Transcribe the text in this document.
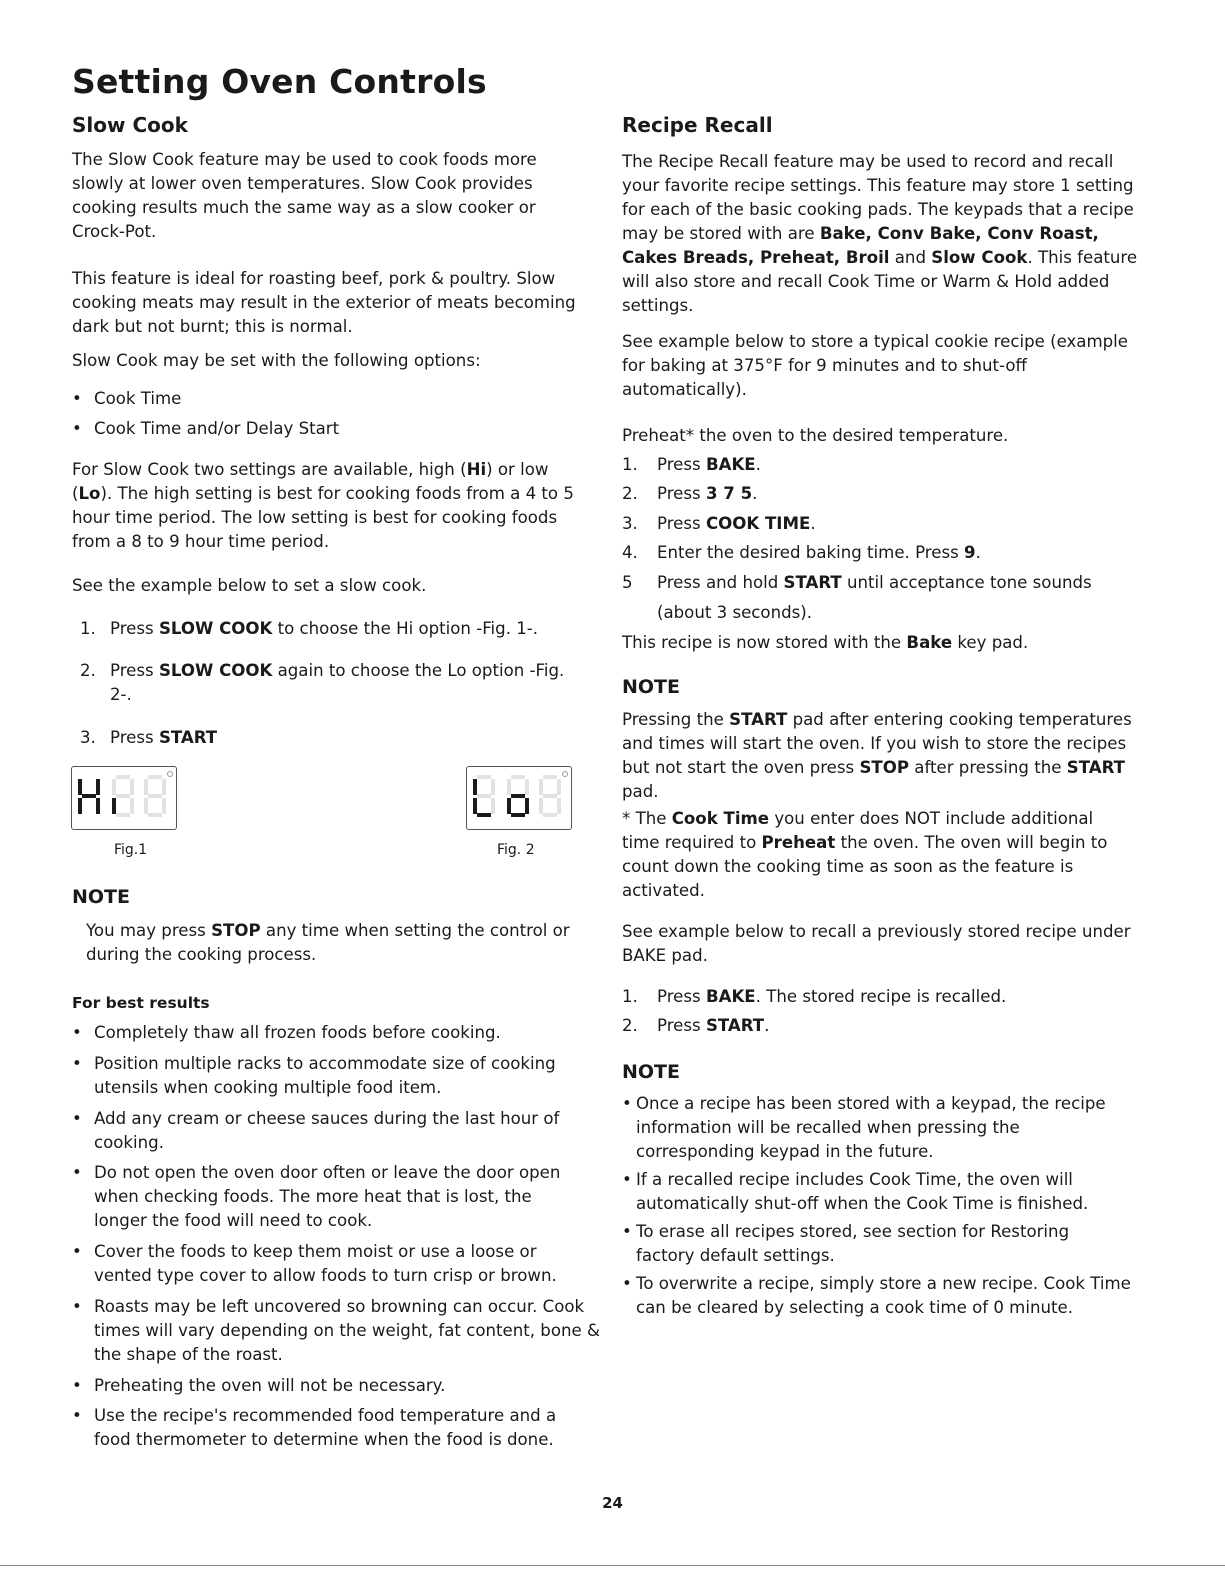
Setting Oven Controls
Slow Cook
The Slow Cook feature may be used to cook foods more slowly at lower oven temperatures. Slow Cook provides cooking results much the same way as a slow cooker or Crock-Pot.
This feature is ideal for roasting beef, pork & poultry. Slow cooking meats may result in the exterior of meats becoming dark but not burnt; this is normal.
Slow Cook may be set with the following options:
• Cook Time
• Cook Time and/or Delay Start
For Slow Cook two settings are available, high (Hi) or low (Lo). The high setting is best for cooking foods from a 4 to 5 hour time period. The low setting is best for cooking foods from a 8 to 9 hour time period.
See the example below to set a slow cook.
1. Press SLOW COOK to choose the Hi option -Fig. 1-.
2. Press SLOW COOK again to choose the Lo option -Fig. 2-.
3. Press START
Fig.1	Fig. 2
NOTE
You may press STOP any time when setting the control or during the cooking process.
For best results
• Completely thaw all frozen foods before cooking.
• Position multiple racks to accommodate size of cooking utensils when cooking multiple food item.
• Add any cream or cheese sauces during the last hour of cooking.
• Do not open the oven door often or leave the door open when checking foods. The more heat that is lost, the longer the food will need to cook.
• Cover the foods to keep them moist or use a loose or vented type cover to allow foods to turn crisp or brown.
• Roasts may be left uncovered so browning can occur. Cook times will vary depending on the weight, fat content, bone & the shape of the roast.
• Preheating the oven will not be necessary.
• Use the recipe's recommended food temperature and a food thermometer to determine when the food is done.
Recipe Recall
The Recipe Recall feature may be used to record and recall your favorite recipe settings. This feature may store 1 setting for each of the basic cooking pads. The keypads that a recipe may be stored with are Bake, Conv Bake, Conv Roast, Cakes Breads, Preheat, Broil and Slow Cook. This feature will also store and recall Cook Time or Warm & Hold added settings.
See example below to store a typical cookie recipe (example for baking at 375°F for 9 minutes and to shut-off automatically).
Preheat* the oven to the desired temperature.
1.	Press BAKE.
2.	Press 3 7 5.
3.	Press COOK TIME.
4.	Enter the desired baking time. Press 9.
5	Press and hold START until acceptance tone sounds
(about 3 seconds).
This recipe is now stored with the Bake key pad.
NOTE
Pressing the START pad after entering cooking temperatures and times will start the oven. If you wish to store the recipes but not start the oven press STOP after pressing the START pad.
* The Cook Time you enter does NOT include additional time required to Preheat the oven. The oven will begin to count down the cooking time as soon as the feature is activated.
See example below to recall a previously stored recipe under BAKE pad.
1.	Press BAKE. The stored recipe is recalled.
2.	Press START.
NOTE
• Once a recipe has been stored with a keypad, the recipe information will be recalled when pressing the corresponding keypad in the future.
• If a recalled recipe includes Cook Time, the oven will automatically shut-off when the Cook Time is finished.
• To erase all recipes stored, see section for Restoring factory default settings.
• To overwrite a recipe, simply store a new recipe. Cook Time can be cleared by selecting a cook time of 0 minute.
24
